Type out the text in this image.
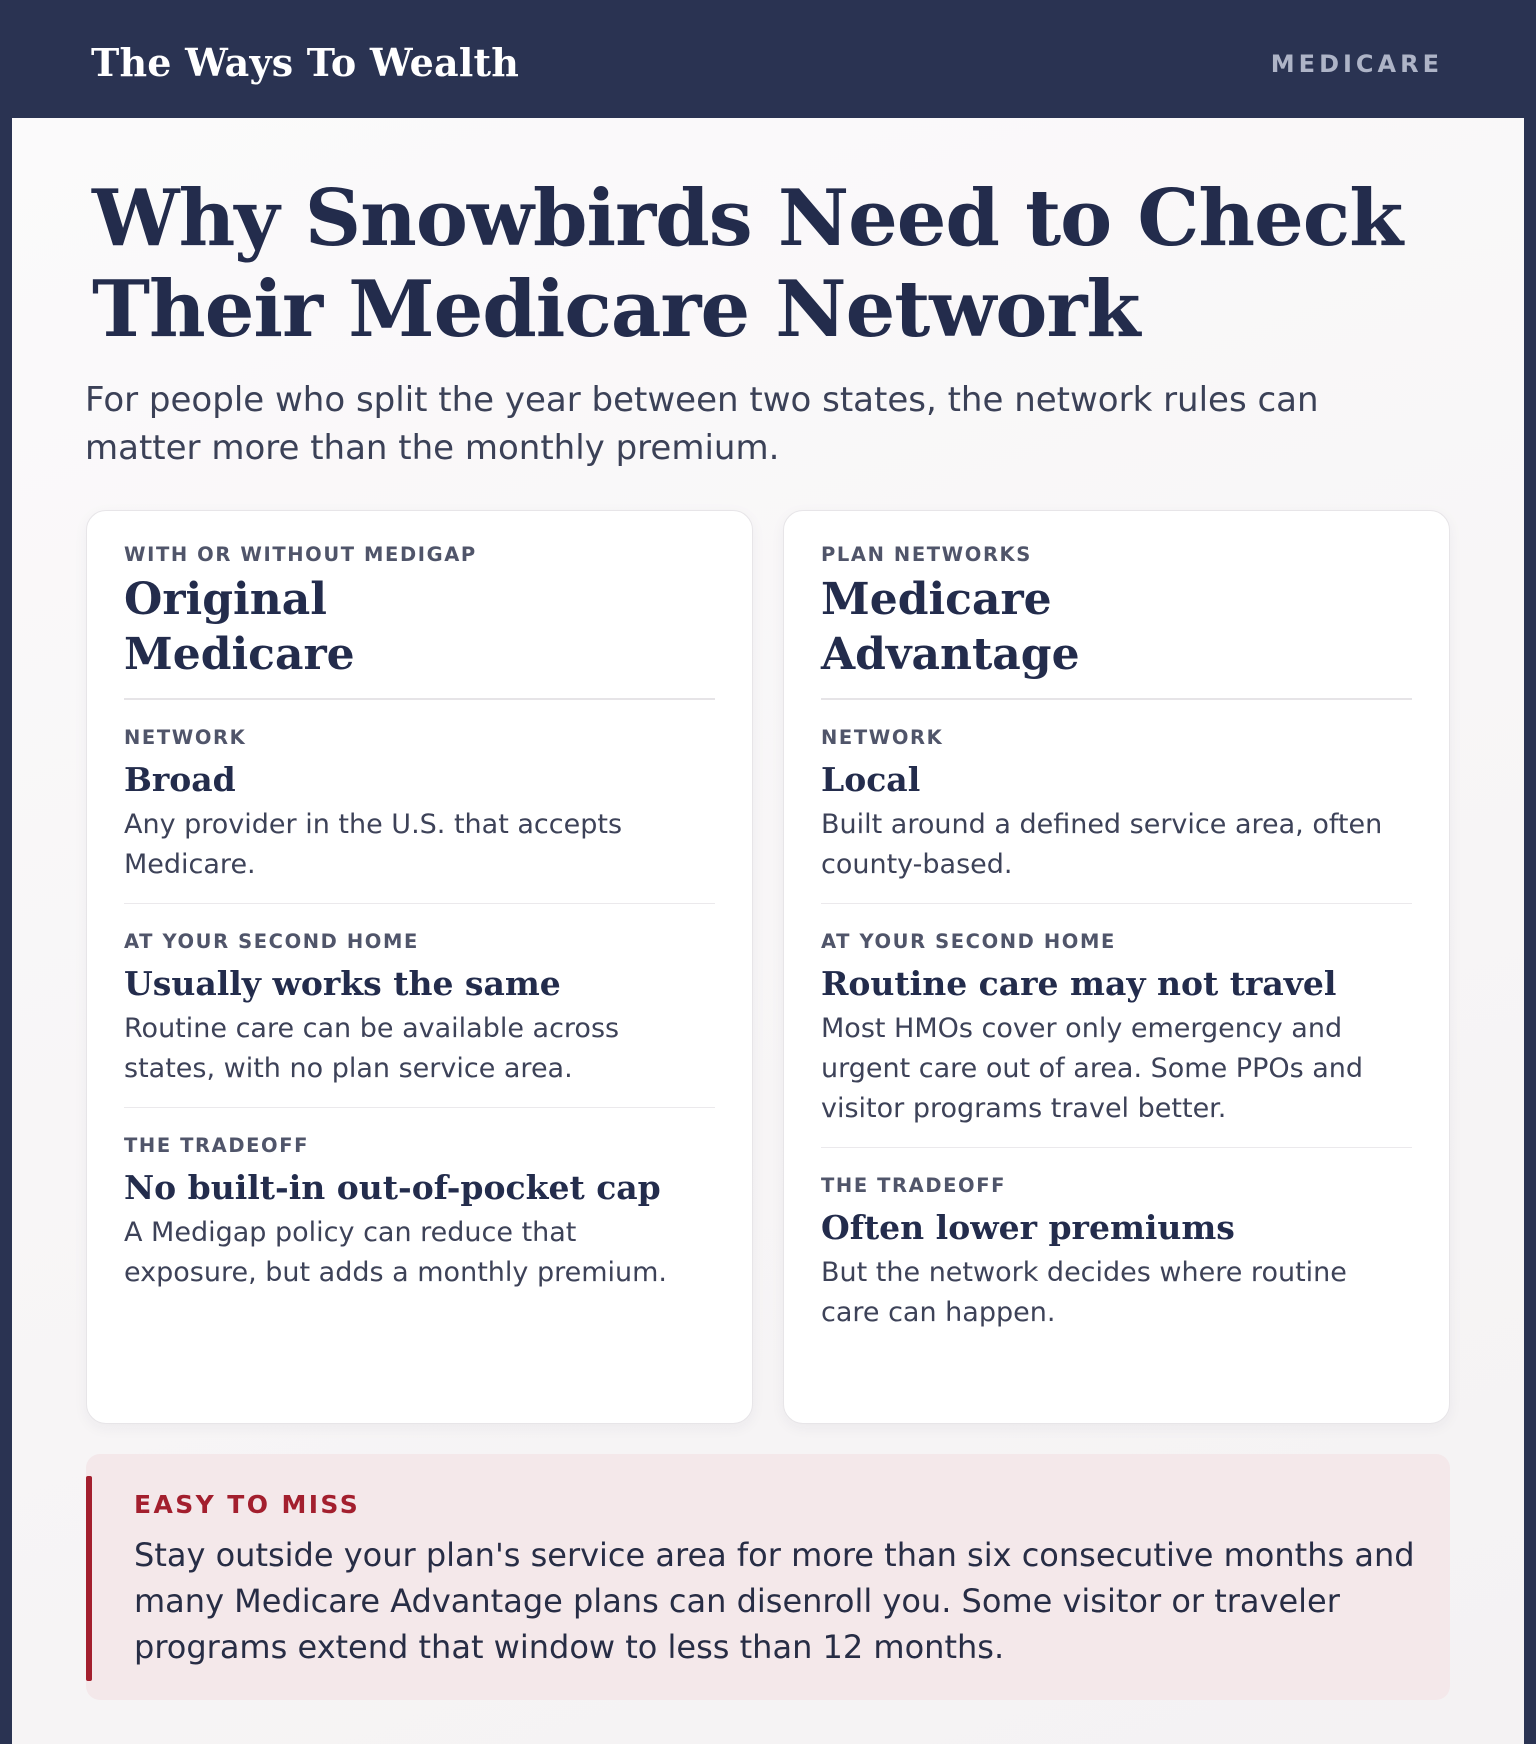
The Ways To Wealth	MEDICARE
Why Snowbirds Need to Check Their Medicare Network

For people who split the year between two states, the network rules can matter more than the monthly premium.

WITH OR WITHOUT MEDIGAP
Original Medicare
NETWORK
Broad
Any provider in the U.S. that accepts Medicare.
AT YOUR SECOND HOME
Usually works the same
Routine care can be available across states, with no plan service area.
THE TRADEOFF
No built-in out-of-pocket cap
A Medigap policy can reduce that exposure, but adds a monthly premium.
PLAN NETWORKS
Medicare Advantage
NETWORK
Local
Built around a defined service area, often county-based.
AT YOUR SECOND HOME
Routine care may not travel
Most HMOs cover only emergency and urgent care out of area. Some PPOs and visitor programs travel better.
THE TRADEOFF
Often lower premiums
But the network decides where routine care can happen.
EASY TO MISS
Stay outside your plan's service area for more than six consecutive months and many Medicare Advantage plans can disenroll you. Some visitor or traveler programs extend that window to less than 12 months.
